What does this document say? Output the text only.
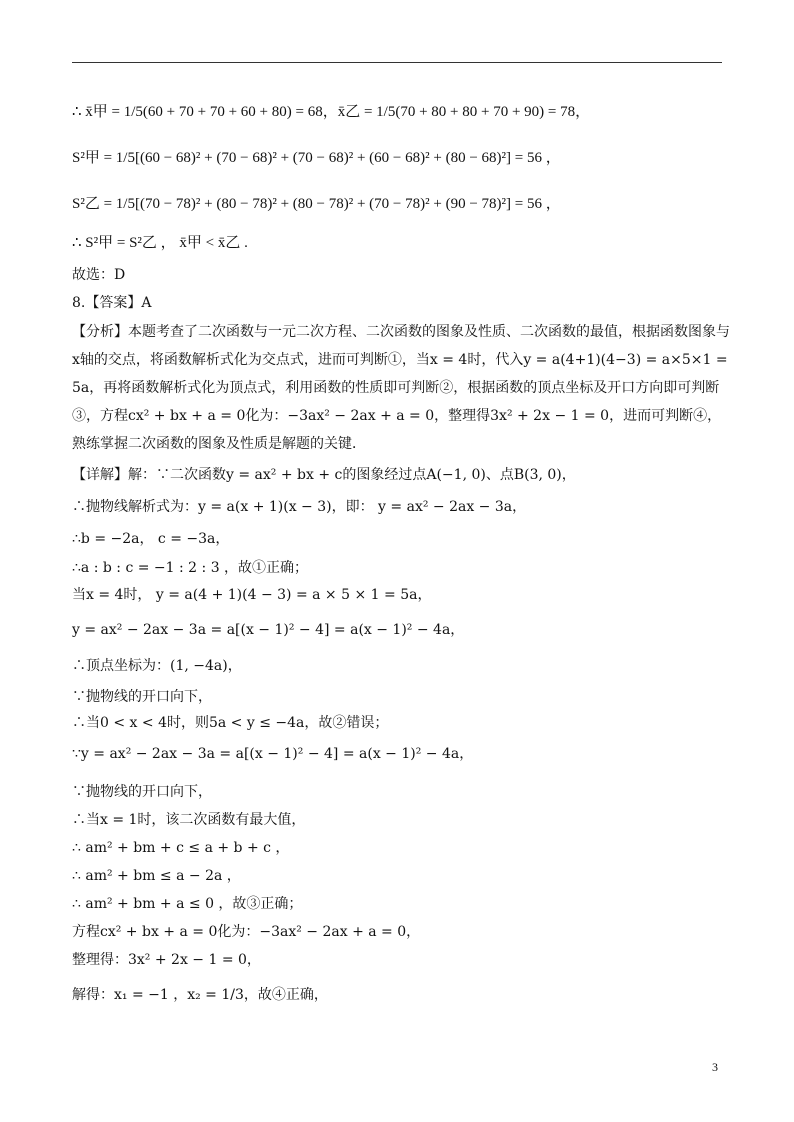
∴ x̄甲 = 1/5(60 + 70 + 70 + 60 + 80) = 68，x̄乙 = 1/5(70 + 80 + 80 + 70 + 90) = 78，
S²甲 = 1/5[(60 − 68)² + (70 − 68)² + (70 − 68)² + (60 − 68)² + (80 − 68)²] = 56 ，
S²乙 = 1/5[(70 − 78)² + (80 − 78)² + (80 − 78)² + (70 − 78)² + (90 − 78)²] = 56 ，
∴ S²甲 = S²乙 ， x̄甲 < x̄乙 .
故选：D
8.【答案】A
【分析】本题考查了二次函数与一元二次方程、二次函数的图象及性质、二次函数的最值，根据函数图象与x轴的交点，将函数解析式化为交点式，进而可判断①，当x = 4时，代入y = a(4+1)(4−3) = a×5×1 = 5a，再将函数解析式化为顶点式，利用函数的性质即可判断②，根据函数的顶点坐标及开口方向即可判断③，方程cx² + bx + a = 0化为：−3ax² − 2ax + a = 0，整理得3x² + 2x − 1 = 0，进而可判断④，熟练掌握二次函数的图象及性质是解题的关键．
【详解】解：∵二次函数y = ax² + bx + c的图象经过点A(−1, 0)、点B(3, 0)，
∴抛物线解析式为：y = a(x + 1)(x − 3)，即： y = ax² − 2ax − 3a，
∴b = −2a， c = −3a，
∴a : b : c = −1 : 2 : 3 ，故①正确；
当x = 4时， y = a(4 + 1)(4 − 3) = a × 5 × 1 = 5a，
y = ax² − 2ax − 3a = a[(x − 1)² − 4] = a(x − 1)² − 4a，
∴顶点坐标为：(1, −4a)，
∵抛物线的开口向下，
∴当0 < x < 4时，则5a < y ≤ −4a，故②错误；
∵y = ax² − 2ax − 3a = a[(x − 1)² − 4] = a(x − 1)² − 4a，
∵抛物线的开口向下，
∴当x = 1时，该二次函数有最大值，
∴ am² + bm + c ≤ a + b + c ，
∴ am² + bm ≤ a − 2a ，
∴ am² + bm + a ≤ 0 ，故③正确；
方程cx² + bx + a = 0化为：−3ax² − 2ax + a = 0，
整理得：3x² + 2x − 1 = 0，
解得：x₁ = −1 ，x₂ = 1/3，故④正确，
3
